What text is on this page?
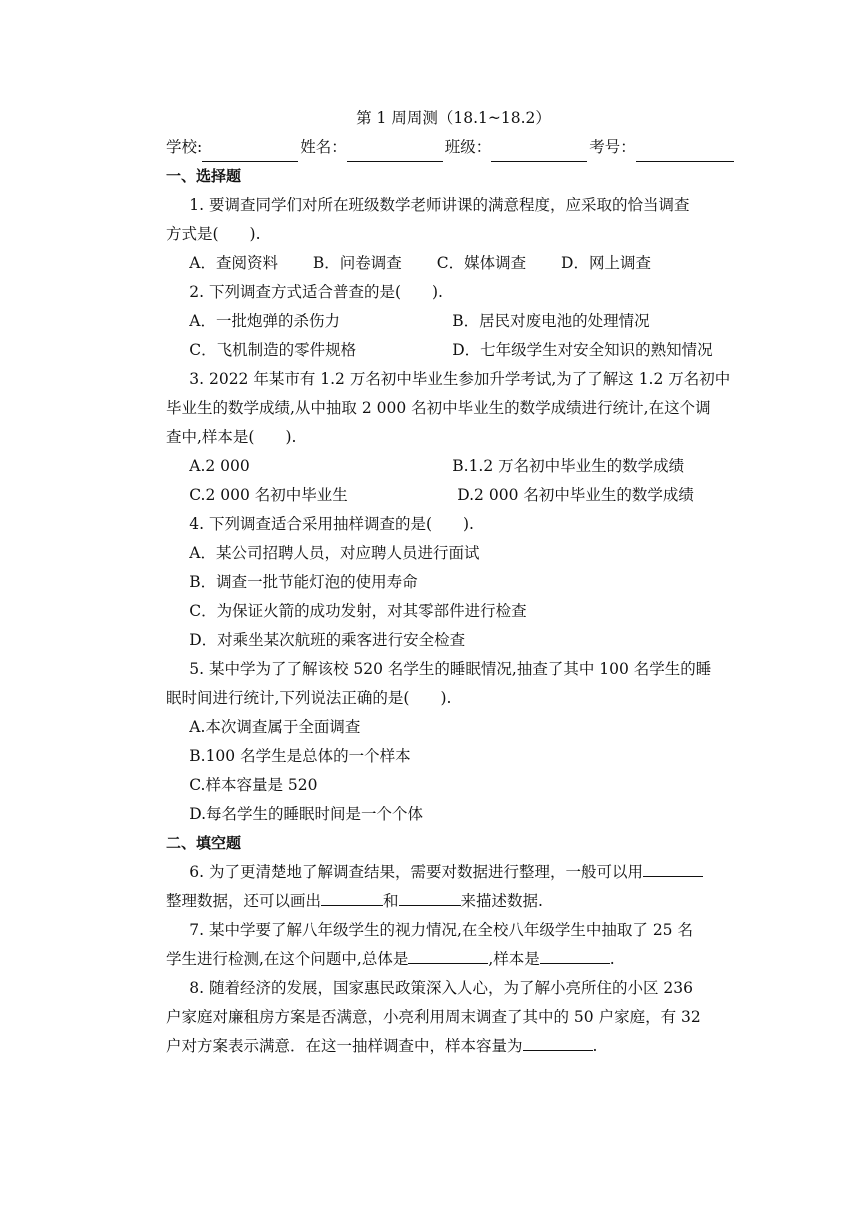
第 1 周周测（18.1~18.2）
学校:	姓名：	班级：	考号：
一、选择题
1. 要调查同学们对所在班级数学老师讲课的满意程度，应采取的恰当调查
方式是(　　).
A．查阅资料 B．问卷调查 C．媒体调查 D．网上调查
2. 下列调查方式适合普查的是(　　).
A．一批炮弹的杀伤力	B．居民对废电池的处理情况
C．飞机制造的零件规格	D．七年级学生对安全知识的熟知情况
3. 2022 年某市有 1.2 万名初中毕业生参加升学考试,为了了解这 1.2 万名初中
毕业生的数学成绩,从中抽取 2 000 名初中毕业生的数学成绩进行统计,在这个调
查中,样本是(　　).
A.2 000	B.1.2 万名初中毕业生的数学成绩
C.2 000 名初中毕业生	D.2 000 名初中毕业生的数学成绩
4. 下列调查适合采用抽样调查的是(　　).
A．某公司招聘人员，对应聘人员进行面试
B．调查一批节能灯泡的使用寿命
C．为保证火箭的成功发射，对其零部件进行检查
D．对乘坐某次航班的乘客进行安全检查
5. 某中学为了了解该校 520 名学生的睡眠情况,抽查了其中 100 名学生的睡
眠时间进行统计,下列说法正确的是(　　).
A.本次调查属于全面调查
B.100 名学生是总体的一个样本
C.样本容量是 520
D.每名学生的睡眠时间是一个个体
二、填空题
6. 为了更清楚地了解调查结果，需要对数据进行整理，一般可以用
整理数据，还可以画出	和	来描述数据.
7. 某中学要了解八年级学生的视力情况,在全校八年级学生中抽取了 25 名
学生进行检测,在这个问题中,总体是	,样本是	.
8. 随着经济的发展，国家惠民政策深入人心，为了解小亮所住的小区 236
户家庭对廉租房方案是否满意，小亮利用周末调查了其中的 50 户家庭，有 32
户对方案表示满意．在这一抽样调查中，样本容量为	.
